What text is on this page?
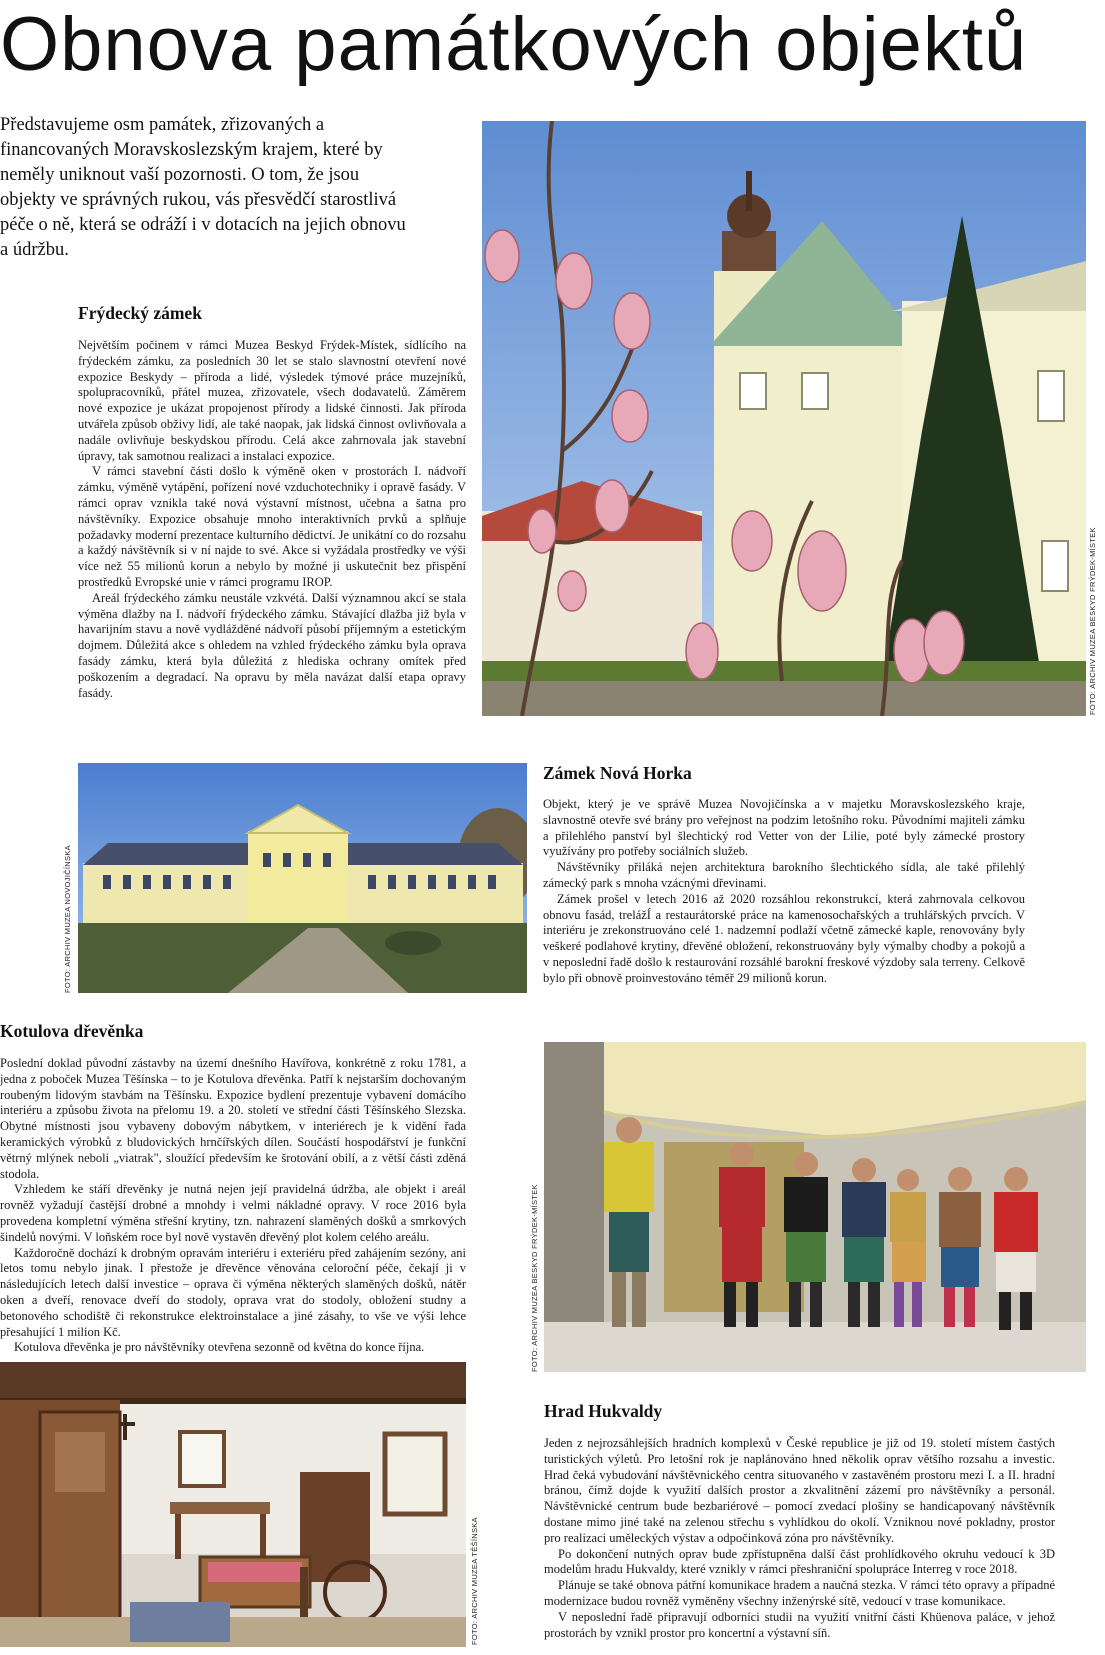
Obnova památkových objektů
Představujeme osm památek, zřizovaných a financovaných Moravskoslezským krajem, které by neměly uniknout vaší pozornosti. O tom, že jsou objekty ve správných rukou, vás přesvědčí starostlivá péče o ně, která se odráží i v dotacích na jejich obnovu a údržbu.
Frýdecký zámek

Největším počinem v rámci Muzea Beskyd Frýdek-Místek, sídlícího na frýdeckém zámku, za posledních 30 let se stalo slavnostní otevření nové expozice Beskydy – příroda a lidé, výsledek týmové práce muzejníků, spolupracovníků, přátel muzea, zřizovatele, všech dodavatelů. Záměrem nové expozice je ukázat propojenost přírody a lidské činnosti. Jak příroda utvářela způsob obživy lidí, ale také naopak, jak lidská činnost ovlivňovala a nadále ovlivňuje beskydskou přírodu. Celá akce zahrnovala jak stavební úpravy, tak samotnou realizaci a instalaci expozice.

V rámci stavební části došlo k výměně oken v prostorách I. nádvoří zámku, výměně vytápění, pořízení nové vzduchotechniky i opravě fasády. V rámci oprav vznikla také nová výstavní místnost, učebna a šatna pro návštěvníky. Expozice obsahuje mnoho interaktivních prvků a splňuje požadavky moderní prezentace kulturního dědictví. Je unikátní co do rozsahu a každý návštěvník si v ní najde to své. Akce si vyžádala prostředky ve výši více než 55 milionů korun a nebylo by možné ji uskutečnit bez přispění prostředků Evropské unie v rámci programu IROP.

Areál frýdeckého zámku neustále vzkvétá. Další významnou akcí se stala výměna dlažby na I. nádvoří frýdeckého zámku. Stávající dlažba již byla v havarijním stavu a nově vydlážděné nádvoří působí příjemným a estetickým dojmem. Důležitá akce s ohledem na vzhled frýdeckého zámku byla oprava fasády zámku, která byla důležitá z hlediska ochrany omítek před poškozením a degradací. Na opravu by měla navázat další etapa opravy fasády.	FOTO: ARCHIV MUZEA BESKYD FRÝDEK-MÍSTEK
FOTO: ARCHIV MUZEA NOVOJIČÍNSKA
Zámek Nová Horka

Objekt, který je ve správě Muzea Novojičínska a v majetku Moravskoslezského kraje, slavnostně otevře své brány pro veřejnost na podzim letošního roku. Původními majiteli zámku a přilehlého panství byl šlechtický rod Vetter von der Lilie, poté byly zámecké prostory využívány pro potřeby sociálních služeb.

Návštěvníky přiláká nejen architektura barokního šlechtického sídla, ale také přilehlý zámecký park s mnoha vzácnými dřevinami.

Zámek prošel v letech 2016 až 2020 rozsáhlou rekonstrukcí, která zahrnovala celkovou obnovu fasád, trelážÍ a restaurátorské práce na kamenosochařských a truhlářských prvcích. V interiéru je zrekonstruováno celé 1. nadzemní podlaží včetně zámecké kaple, renovovány byly veškeré podlahové krytiny, dřevěné obložení, rekonstruovány byly výmalby chodby a pokojů a v neposlední řadě došlo k restaurování rozsáhlé barokní freskové výzdoby sala terreny. Celkově bylo při obnově proinvestováno téměř 29 milionů korun.

Kotulova dřevěnka

Poslední doklad původní zástavby na území dnešního Havířova, konkrétně z roku 1781, a jedna z poboček Muzea Těšínska – to je Kotulova dřevěnka. Patří k nejstarším dochovaným roubeným lidovým stavbám na Těšínsku. Expozice bydlení prezentuje vybavení domácího interiéru a způsobu života na přelomu 19. a 20. století ve střední části Těšínského Slezska. Obytné místnosti jsou vybaveny dobovým nábytkem, v interiérech je k vidění řada keramických výrobků z bludovických hrnčířských dílen. Součástí hospodářství je funkční větrný mlýnek neboli „viatrak", sloužící především ke šrotování obilí, a z větší části zděná stodola.

Vzhledem ke stáří dřevěnky je nutná nejen její pravidelná údržba, ale objekt i areál rovněž vyžadují častější drobné a mnohdy i velmi nákladné opravy. V roce 2016 byla provedena kompletní výměna střešní krytiny, tzn. nahrazení slaměných došků a smrkových šindelů novými. V loňském roce byl nově vystavěn dřevěný plot kolem celého areálu.

Každoročně dochází k drobným opravám interiéru i exteriéru před zahájením sezóny, ani letos tomu nebylo jinak. I přestože je dřevěnce věnována celoroční péče, čekají ji v následujících letech další investice – oprava či výměna některých slaměných došků, nátěr oken a dveří, renovace dveří do stodoly, oprava vrat do stodoly, obložení studny a betonového schodiště či rekonstrukce elektroinstalace a jiné zásahy, to vše ve výši lehce přesahující 1 milion Kč.

Kotulova dřevěnka je pro návštěvníky otevřena sezonně od května do konce října.	FOTO: ARCHIV MUZEA BESKYD FRÝDEK-MÍSTEK
FOTO: ARCHIV MUZEA TĚŠÍNSKA
Hrad Hukvaldy

Jeden z nejrozsáhlejších hradních komplexů v České republice je již od 19. století místem častých turistických výletů. Pro letošní rok je naplánováno hned několik oprav většího rozsahu a investic. Hrad čeká vybudování návštěvnického centra situovaného v zastavěném prostoru mezi I. a II. hradní bránou, čímž dojde k využití dalších prostor a zkvalitnění zázemí pro návštěvníky a personál. Návštěvnické centrum bude bezbariérové – pomocí zvedací plošiny se handicapovaný návštěvník dostane mimo jiné také na zelenou střechu s vyhlídkou do okolí. Vzniknou nové pokladny, prostor pro realizaci uměleckých výstav a odpočinková zóna pro návštěvníky.

Po dokončení nutných oprav bude zpřístupněna další část prohlídkového okruhu vedoucí k 3D modelům hradu Hukvaldy, které vznikly v rámci přeshraniční spolupráce Interreg v roce 2018.

Plánuje se také obnova pátřní komunikace hradem a naučná stezka. V rámci této opravy a případné modernizace budou rovněž vyměněny všechny inženýrské sítě, vedoucí v trase komunikace.

V neposlední řadě připravují odborníci studii na využití vnitřní části Khüenova paláce, v jehož prostorách by vznikl prostor pro koncertní a výstavní síň.
